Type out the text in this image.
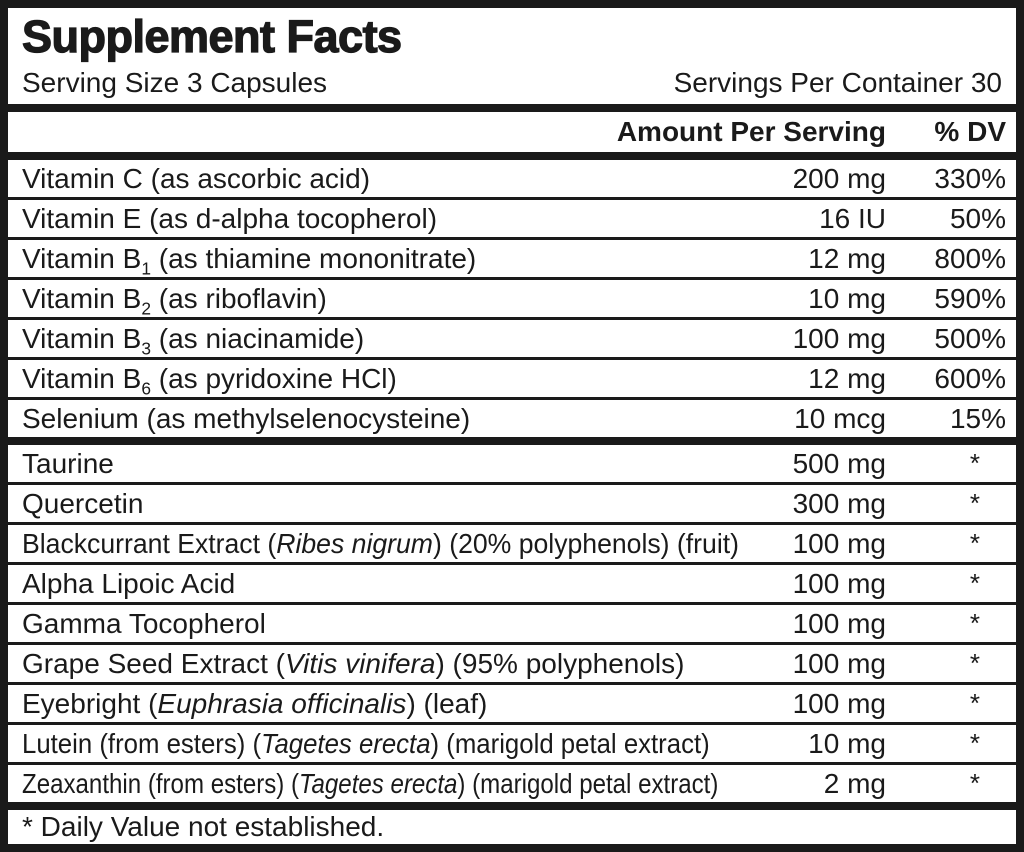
Supplement Facts
Serving Size 3 Capsules	Servings Per Container 30
Amount Per Serving % DV
Vitamin C (as ascorbic acid)	200 mg 330%
Vitamin E (as d-alpha tocopherol)	16 IU 50%
Vitamin $B_1$ (as thiamine mononitrate)	12 mg 800%
Vitamin $B_2$ (as riboflavin)	10 mg 590%
Vitamin $B_3$ (as niacinamide)	100 mg 500%
Vitamin $B_6$ (as pyridoxine HCl)	12 mg 600%
Selenium (as methylselenocysteine)	10 mcg 15%
Taurine	500 mg	*
Quercetin	300 mg	*
Blackcurrant Extract (Ribes nigrum) (20% polyphenols) (fruit) 100 mg	*
Alpha Lipoic Acid	100 mg	*
Gamma Tocopherol	100 mg	*
Grape Seed Extract (Vitis vinifera) (95% polyphenols)	100 mg	*
Eyebright (Euphrasia officinalis) (leaf)	100 mg	*
Lutein (from esters) (Tagetes erecta) (marigold petal extract)	10 mg	*
Zeaxanthin (from esters) (Tagetes erecta) (marigold petal extract)	2 mg	*
* Daily Value not established.
